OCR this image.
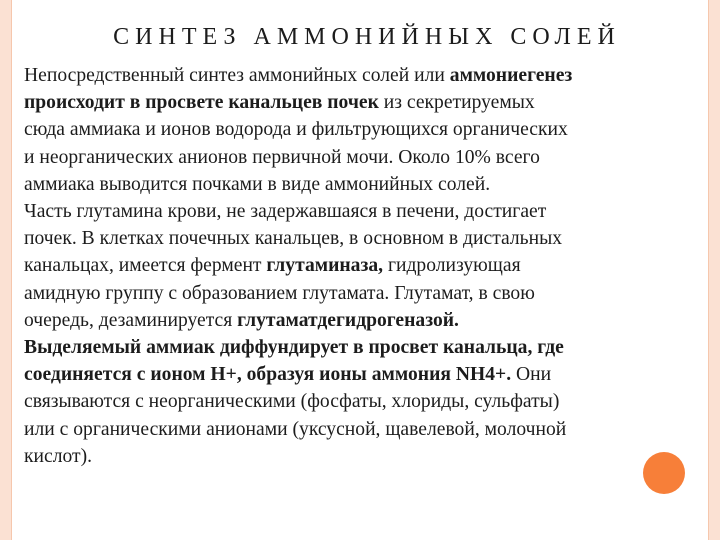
СИНТЕЗ АММОНИЙНЫХ СОЛЕЙ
Непосредственный синтез аммонийных солей или аммониегенез
происходит в просвете канальцев почек из секретируемых
сюда аммиака и ионов водорода и фильтрующихся органических
и неорганических анионов первичной мочи. Около 10% всего
аммиака выводится почками в виде аммонийных солей.
Часть глутамина крови, не задержавшаяся в печени, достигает
почек. В клетках почечных канальцев, в основном в дистальных
канальцах, имеется фермент глутаминаза, гидролизующая
амидную группу с образованием глутамата. Глутамат, в свою
очередь, дезаминируется глутаматдегидрогеназой.
Выделяемый аммиак диффундирует в просвет канальца, где
соединяется с ионом Н+, образуя ионы аммония NH4+. Они
связываются с неорганическими (фосфаты, хлориды, сульфаты)
или с органическими анионами (уксусной, щавелевой, молочной
кислот).
